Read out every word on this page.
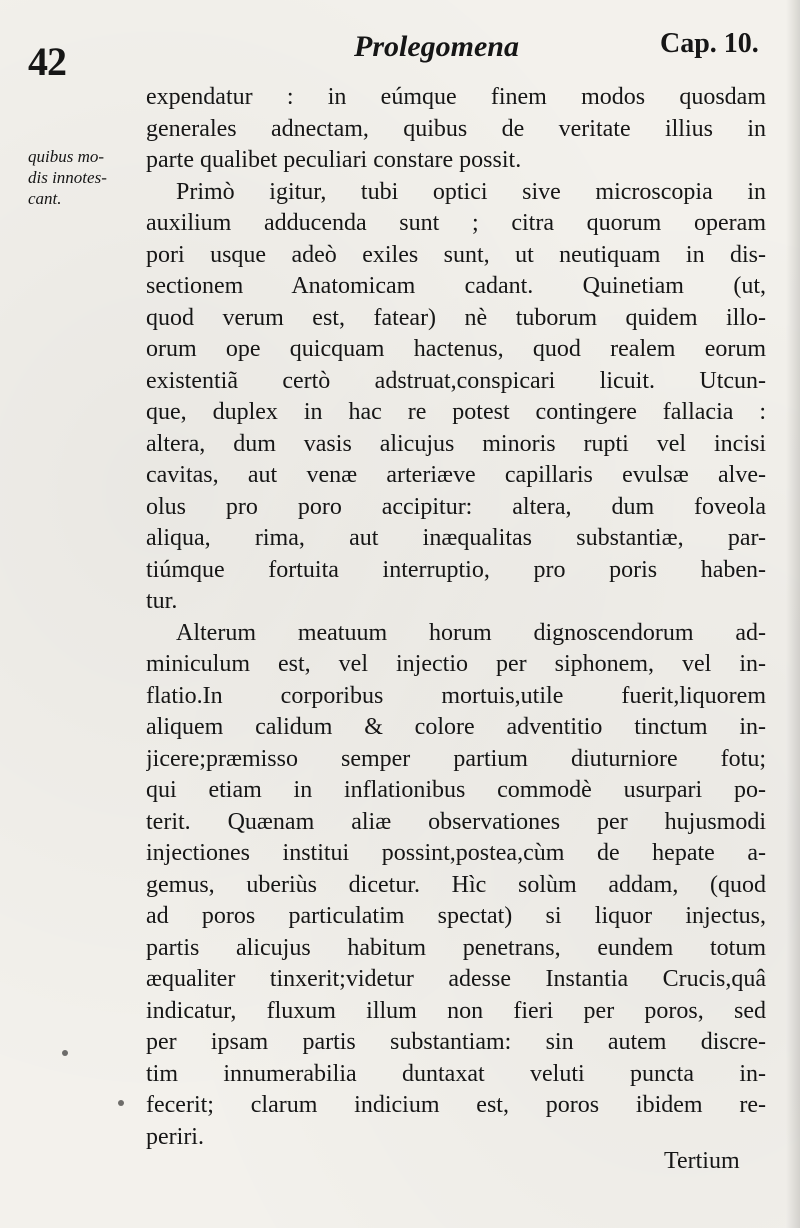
42	Prolegomena	Cap. 10.
quibus mo-
dis innotes-
cant.
expendatur : in eúmque finem modos quosdam
generales adnectam, quibus de veritate illius in
parte qualibet peculiari constare possit.
Primò igitur, tubi optici sive microscopia in
auxilium adducenda sunt ; citra quorum operam
pori usque adeò exiles sunt, ut neutiquam in dis-
sectionem Anatomicam cadant. Quinetiam (ut,
quod verum est, fatear) nè tuborum quidem illo-
orum ope quicquam hactenus, quod realem eorum
existentiã certò adstruat,conspicari licuit. Utcun-
que, duplex in hac re potest contingere fallacia :
altera, dum vasis alicujus minoris rupti vel incisi
cavitas, aut venæ arteriæve capillaris evulsæ alve-
olus pro poro accipitur: altera, dum foveola
aliqua, rima, aut inæqualitas substantiæ, par-
tiúmque fortuita interruptio, pro poris haben-
tur.
Alterum meatuum horum dignoscendorum ad-
miniculum est, vel injectio per siphonem, vel in-
flatio.In corporibus mortuis,utile fuerit,liquorem
aliquem calidum & colore adventitio tinctum in-
jicere;præmisso semper partium diuturniore fotu;
qui etiam in inflationibus commodè usurpari po-
terit. Quænam aliæ observationes per hujusmodi
injectiones institui possint,postea,cùm de hepate a-
gemus, uberiùs dicetur. Hìc solùm addam, (quod
ad poros particulatim spectat) si liquor injectus,
partis alicujus habitum penetrans, eundem totum
æqualiter tinxerit;videtur adesse Instantia Crucis,quâ
indicatur, fluxum illum non fieri per poros, sed
per ipsam partis substantiam: sin autem discre-
tim innumerabilia duntaxat veluti puncta in-
fecerit; clarum indicium est, poros ibidem re-
periri.
Tertium
